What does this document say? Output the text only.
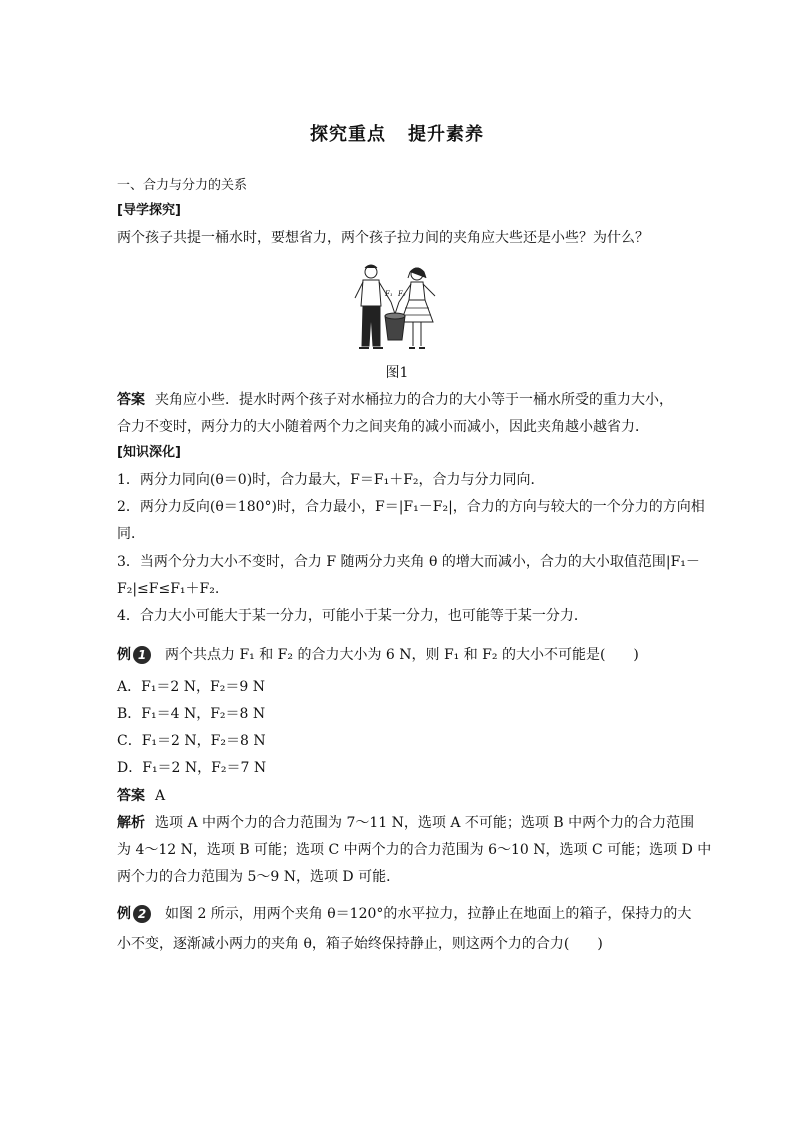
探究重点 提升素养
一、合力与分力的关系
[导学探究]
两个孩子共提一桶水时，要想省力，两个孩子拉力间的夹角应大些还是小些？为什么？
F₁ F₂
图1
答案 夹角应小些．提水时两个孩子对水桶拉力的合力的大小等于一桶水所受的重力大小，
合力不变时，两分力的大小随着两个力之间夹角的减小而减小，因此夹角越小越省力．
[知识深化]
1．两分力同向(θ＝0)时，合力最大，F＝F₁＋F₂，合力与分力同向．
2．两分力反向(θ＝180°)时，合力最小，F＝|F₁－F₂|，合力的方向与较大的一个分力的方向相
同．
3．当两个分力大小不变时，合力 F 随两分力夹角 θ 的增大而减小，合力的大小取值范围|F₁－
F₂|≤F≤F₁＋F₂.
4．合力大小可能大于某一分力，可能小于某一分力，也可能等于某一分力．
例 1	两个共点力 F₁ 和 F₂ 的合力大小为 6 N，则 F₁ 和 F₂ 的大小不可能是(　　)
A．F₁＝2 N，F₂＝9 N
B．F₁＝4 N，F₂＝8 N
C．F₁＝2 N，F₂＝8 N
D．F₁＝2 N，F₂＝7 N
答案 A
解析 选项 A 中两个力的合力范围为 7～11 N，选项 A 不可能；选项 B 中两个力的合力范围
为 4～12 N，选项 B 可能；选项 C 中两个力的合力范围为 6～10 N，选项 C 可能；选项 D 中
两个力的合力范围为 5～9 N，选项 D 可能．
例 2	如图 2 所示，用两个夹角 θ＝120°的水平拉力，拉静止在地面上的箱子，保持力的大
小不变，逐渐减小两力的夹角 θ，箱子始终保持静止，则这两个力的合力(　　)
